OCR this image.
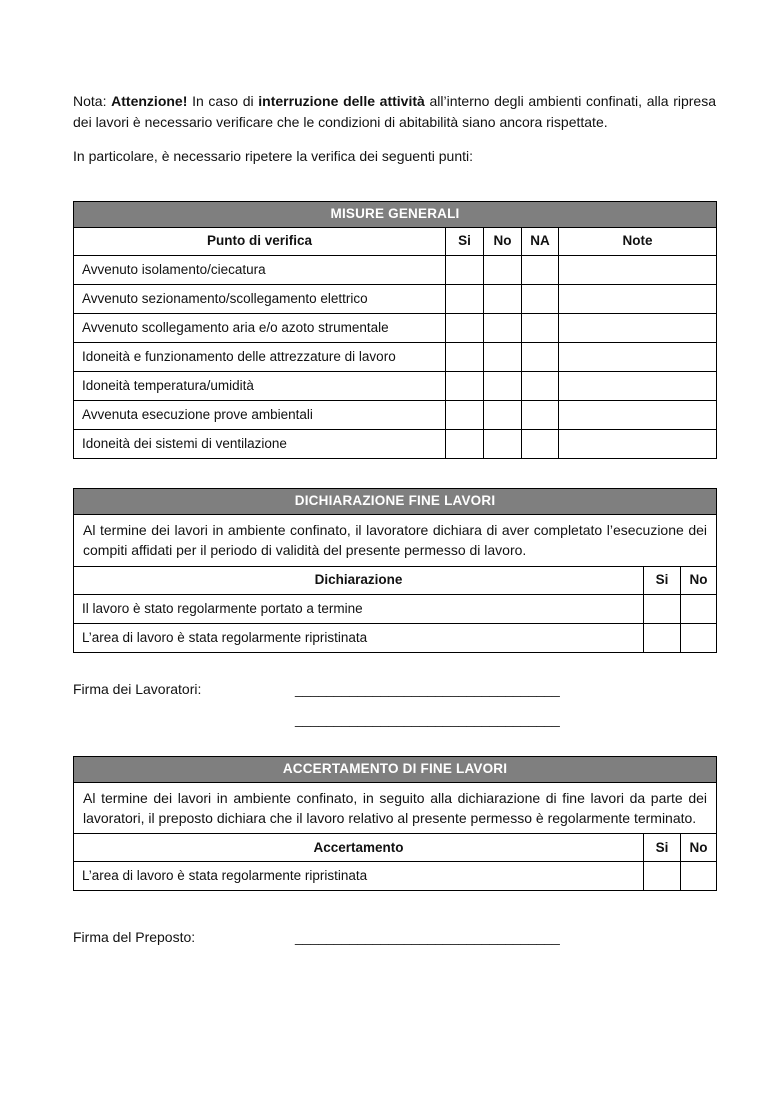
Nota: Attenzione! In caso di interruzione delle attività all’interno degli ambienti confinati, alla ripresa dei lavori è necessario verificare che le condizioni di abitabilità siano ancora rispettate.

In particolare, è necessario ripetere la verifica dei seguenti punti:

MISURE GENERALI				
Punto di verifica	Si	No	NA	Note
Avvenuto isolamento/ciecatura				
Avvenuto sezionamento/scollegamento elettrico				
Avvenuto scollegamento aria e/o azoto strumentale				
Idoneità e funzionamento delle attrezzature di lavoro				
Idoneità temperatura/umidità				
Avvenuta esecuzione prove ambientali				
Idoneità dei sistemi di ventilazione				
DICHIARAZIONE FINE LAVORI		
Al termine dei lavori in ambiente confinato, il lavoratore dichiara di aver completato l’esecuzione dei compiti affidati per il periodo di validità del presente permesso di lavoro.		
Dichiarazione	Si	No
Il lavoro è stato regolarmente portato a termine		
L’area di lavoro è stata regolarmente ripristinata		
Firma dei Lavoratori:	__________________________________
__________________________________
ACCERTAMENTO DI FINE LAVORI		
Al termine dei lavori in ambiente confinato, in seguito alla dichiarazione di fine lavori da parte dei lavoratori, il preposto dichiara che il lavoro relativo al presente permesso è regolarmente terminato.		
Accertamento	Si	No
L’area di lavoro è stata regolarmente ripristinata		
Firma del Preposto:	__________________________________
